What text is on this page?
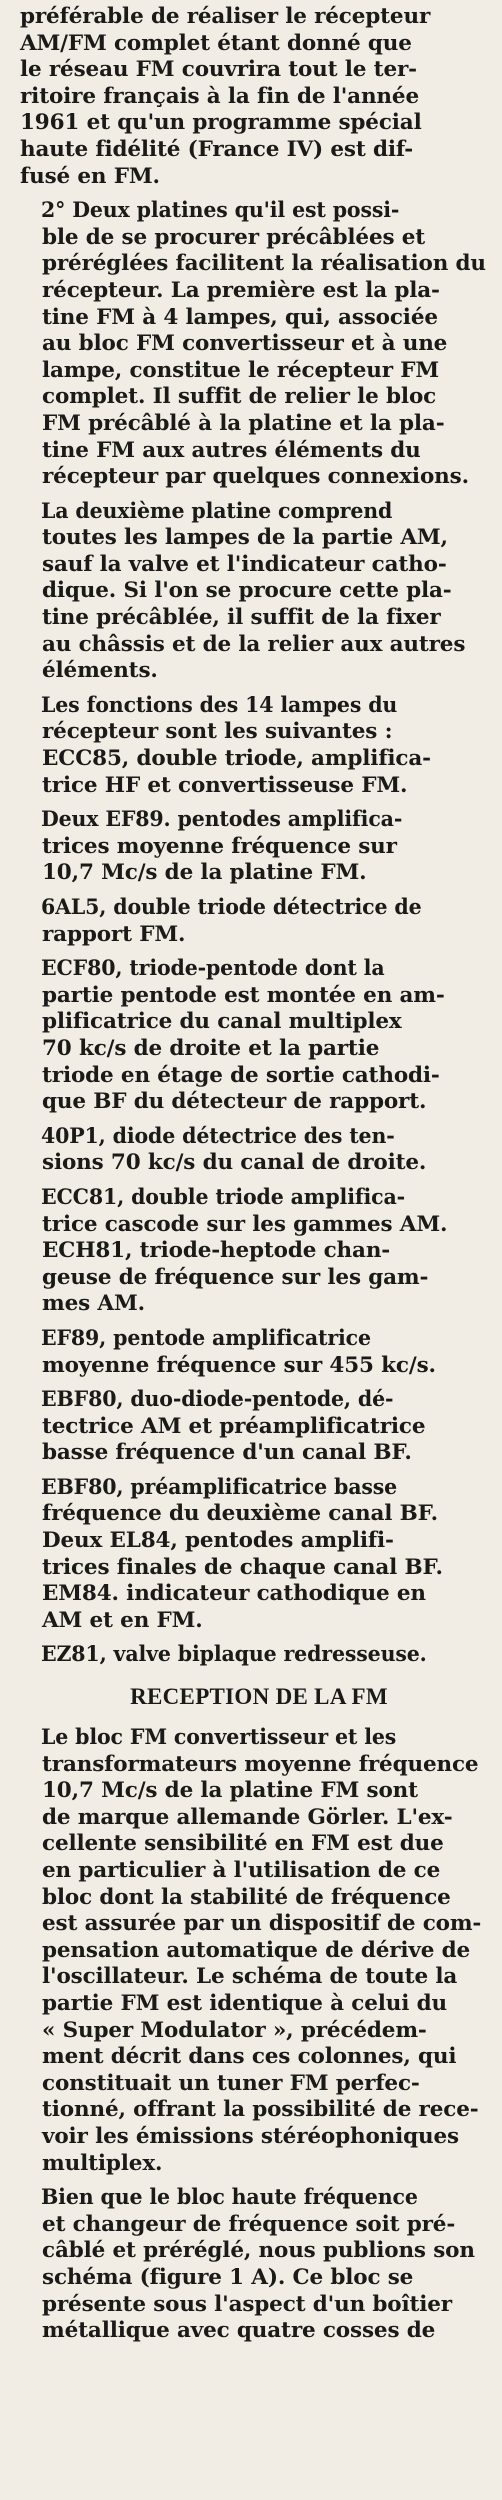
préférable de réaliser le récepteur
AM/FM complet étant donné que
le réseau FM couvrira tout le ter-
ritoire français à la fin de l'année
1961 et qu'un programme spécial
haute fidélité (France IV) est dif-
fusé en FM.
2° Deux platines qu'il est possi-
ble de se procurer précâblées et
préréglées facilitent la réalisation du
récepteur. La première est la pla-
tine FM à 4 lampes, qui, associée
au bloc FM convertisseur et à une
lampe, constitue le récepteur FM
complet. Il suffit de relier le bloc
FM précâblé à la platine et la pla-
tine FM aux autres éléments du
récepteur par quelques connexions.
La deuxième platine comprend
toutes les lampes de la partie AM,
sauf la valve et l'indicateur catho-
dique. Si l'on se procure cette pla-
tine précâblée, il suffit de la fixer
au châssis et de la relier aux autres
éléments.
Les fonctions des 14 lampes du
récepteur sont les suivantes :
ECC85, double triode, amplifica-
trice HF et convertisseuse FM.
Deux EF89. pentodes amplifica-
trices moyenne fréquence sur
10,7 Mc/s de la platine FM.
6AL5, double triode détectrice de
rapport FM.
ECF80, triode-pentode dont la
partie pentode est montée en am-
plificatrice du canal multiplex
70 kc/s de droite et la partie
triode en étage de sortie cathodi-
que BF du détecteur de rapport.
40P1, diode détectrice des ten-
sions 70 kc/s du canal de droite.
ECC81, double triode amplifica-
trice cascode sur les gammes AM.
ECH81, triode-heptode chan-
geuse de fréquence sur les gam-
mes AM.
EF89, pentode amplificatrice
moyenne fréquence sur 455 kc/s.
EBF80, duo-diode-pentode, dé-
tectrice AM et préamplificatrice
basse fréquence d'un canal BF.
EBF80, préamplificatrice basse
fréquence du deuxième canal BF.
Deux EL84, pentodes amplifi-
trices finales de chaque canal BF.
EM84. indicateur cathodique en
AM et en FM.
EZ81, valve biplaque redresseuse.
RECEPTION DE LA FM
Le bloc FM convertisseur et les
transformateurs moyenne fréquence
10,7 Mc/s de la platine FM sont
de marque allemande Görler. L'ex-
cellente sensibilité en FM est due
en particulier à l'utilisation de ce
bloc dont la stabilité de fréquence
est assurée par un dispositif de com-
pensation automatique de dérive de
l'oscillateur. Le schéma de toute la
partie FM est identique à celui du
« Super Modulator », précédem-
ment décrit dans ces colonnes, qui
constituait un tuner FM perfec-
tionné, offrant la possibilité de rece-
voir les émissions stéréophoniques
multiplex.
Bien que le bloc haute fréquence
et changeur de fréquence soit pré-
câblé et préréglé, nous publions son
schéma (figure 1 A). Ce bloc se
présente sous l'aspect d'un boîtier
métallique avec quatre cosses de
